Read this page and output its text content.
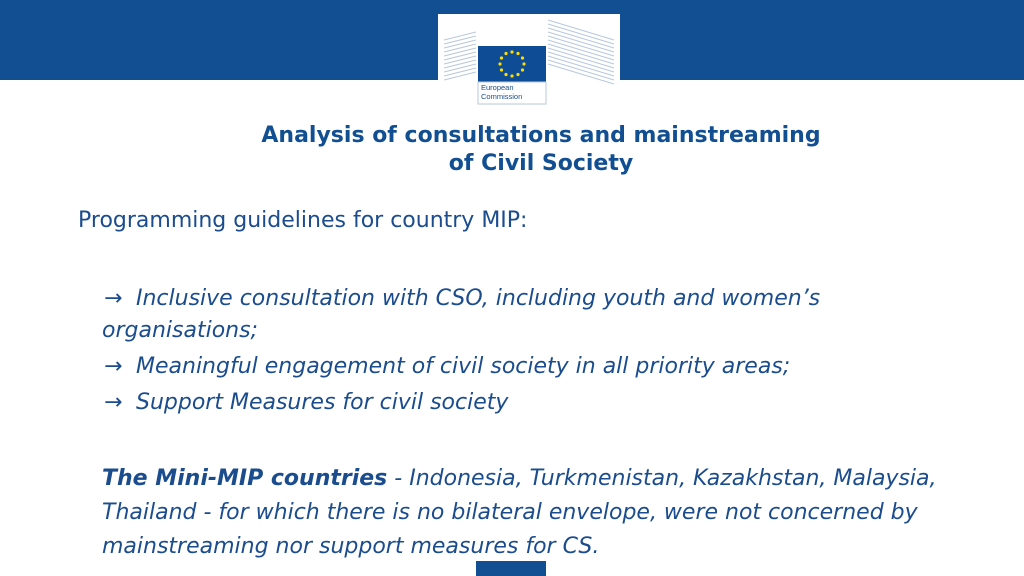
European
Commission
Analysis of consultations and mainstreaming
of Civil Society
Programming guidelines for country MIP:
→ Inclusive consultation with CSO, including youth and women’s organisations;
→ Meaningful engagement of civil society in all priority areas;
→ Support Measures for civil society
The Mini-MIP countries - Indonesia, Turkmenistan, Kazakhstan, Malaysia, Thailand - for which there is no bilateral envelope, were not concerned by mainstreaming nor support measures for CS.
